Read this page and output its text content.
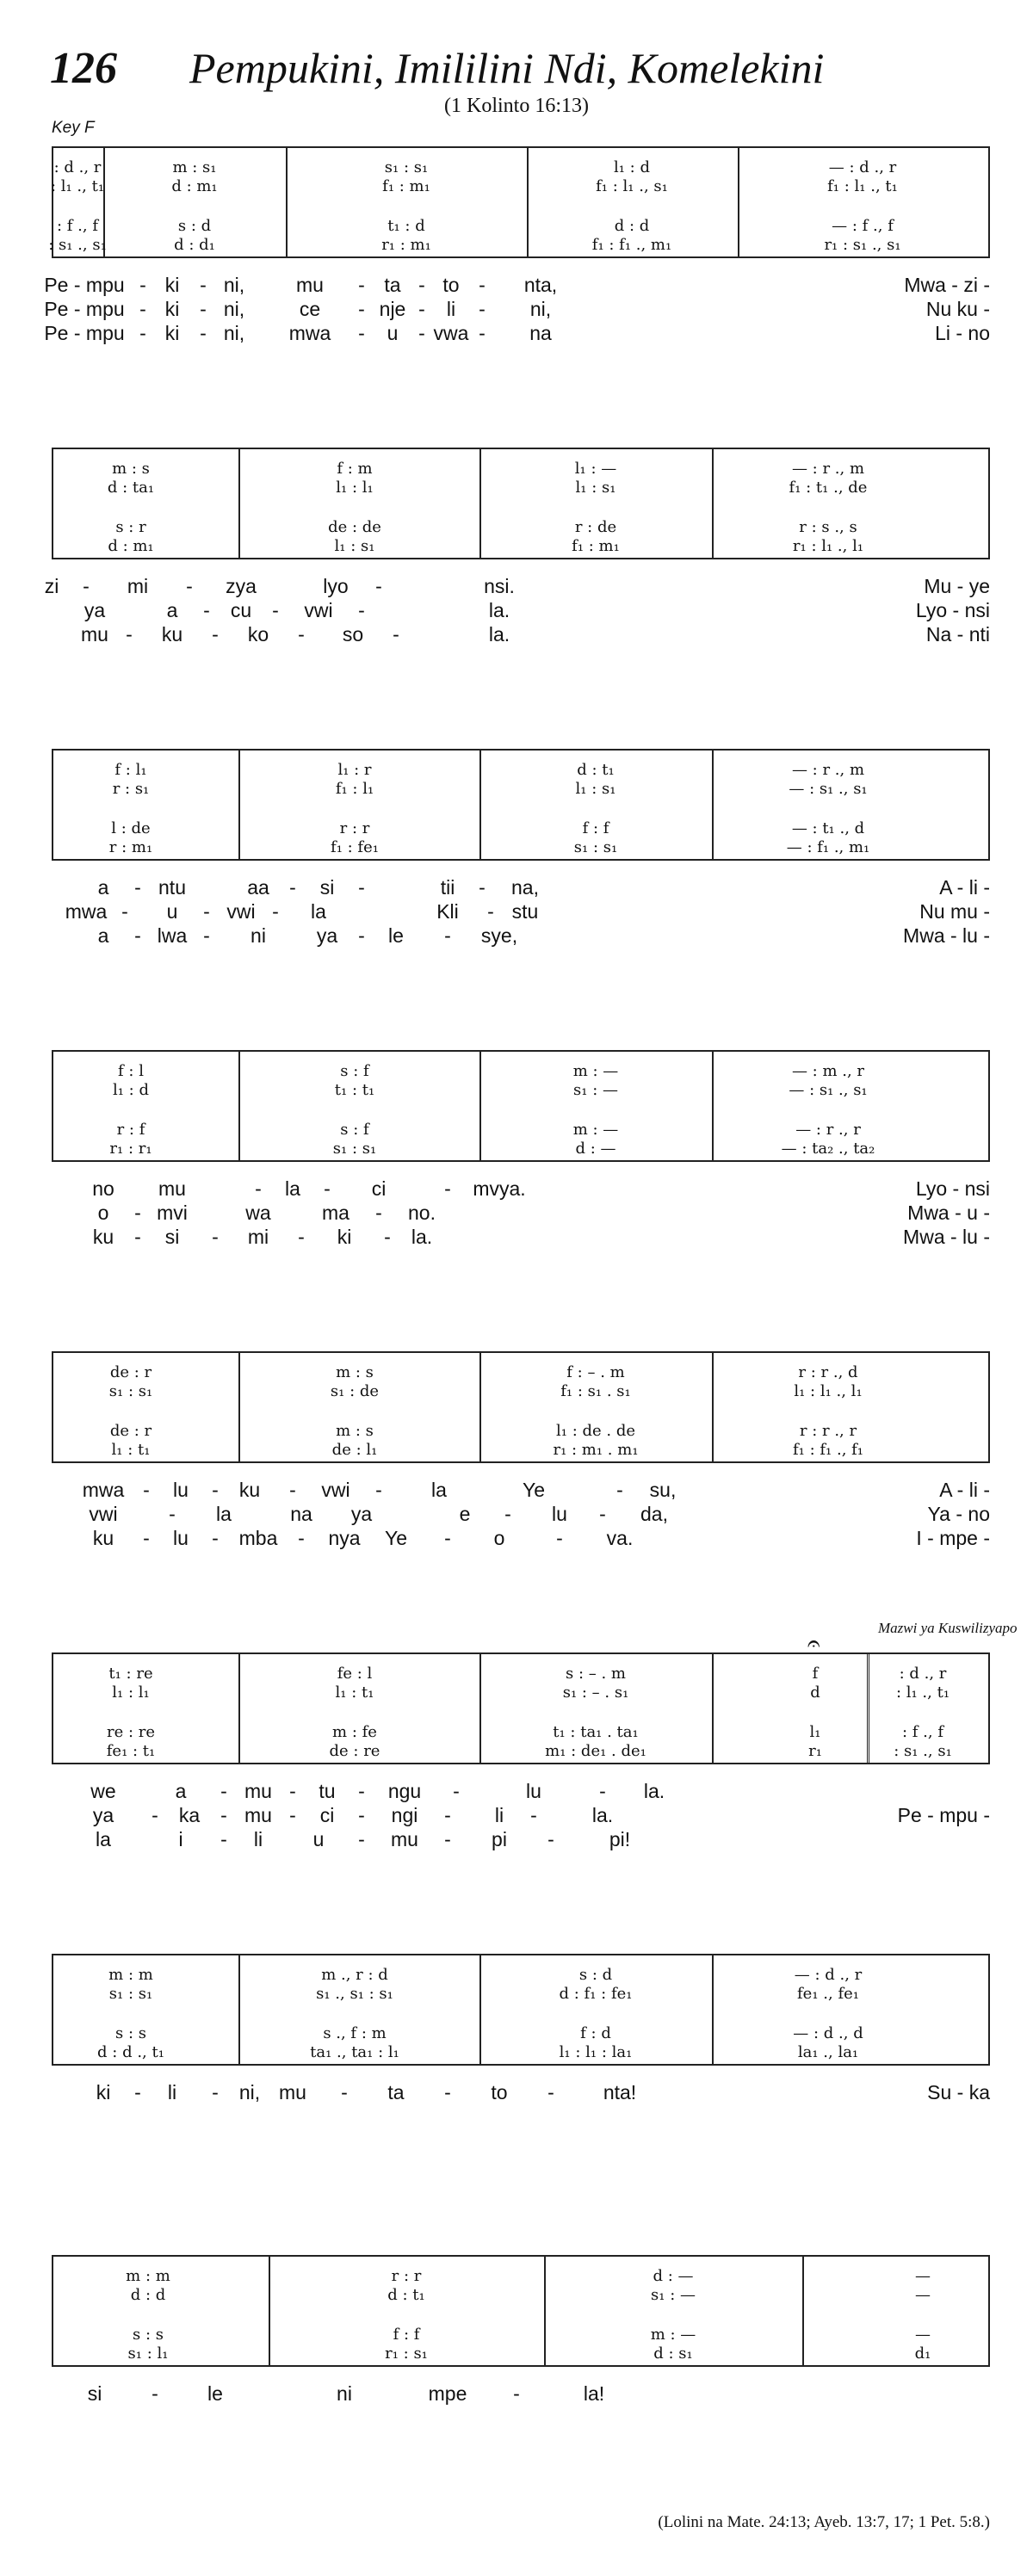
126 Pempukini, Imililini Ndi, Komelekini
(1 Kolinto 16:13)
Key F
: d ., r	m : s₁	s₁ : s₁	l₁ : d	— : d ., r
: l₁ ., t₁	d : m₁	f₁ : m₁	f₁ : l₁ ., s₁	f₁ : l₁ ., t₁
: f ., f	s : d	t₁ : d	d : d	— : f ., f
: s₁ ., s₁	d : d₁	r₁ : m₁	f₁ : f₁ ., m₁	r₁ : s₁ ., s₁
Pe - mpu - ki - ni,	mu - ta - to - nta,	Mwa - zi -
Pe - mpu - ki - ni,	ce - nje - li - ni,	Nu ku -
Pe - mpu - ki - ni, mwa - u - vwa - na	Li - no
m : s	f : m	l₁ : —	— : r ., m
d : ta₁	l₁ : l₁	l₁ : s₁	f₁ : t₁ ., de
s : r	de : de	r : de	r : s ., s
d : m₁	l₁ : s₁	f₁ : m₁	r₁ : l₁ ., l₁
zi - mi - zya	lyo -	nsi.	Mu - ye
ya	a - cu - vwi -	la.	Lyo - nsi
mu - ku - ko - so -	la.	Na - nti
f : l₁	l₁ : r	d : t₁	— : r ., m
r : s₁	f₁ : l₁	l₁ : s₁	— : s₁ ., s₁
l : de	r : r	f : f	— : t₁ ., d
r : m₁	f₁ : fe₁	s₁ : s₁	— : f₁ ., m₁
a - ntu	aa - si -	tii - na,	A - li -
mwa - u - vwi - la	Kli - stu	Nu mu -
a - lwa - ni	ya - le - sye,	Mwa - lu -
f : l	s : f	m : —	— : m ., r
l₁ : d	t₁ : t₁	s₁ : —	— : s₁ ., s₁
r : f	s : f	m : —	— : r ., r
r₁ : r₁	s₁ : s₁	d : —	— : ta₂ ., ta₂
no mu	- la - ci	- mvya.	Lyo - nsi
o - mvi	wa	ma - no.	Mwa - u -
ku - si - mi - ki - la.	Mwa - lu -
de : r	m : s	f : – . m	r : r ., d
s₁ : s₁	s₁ : de	f₁ : s₁ . s₁	l₁ : l₁ ., l₁
de : r	m : s	l₁ : de . de	r : r ., r
l₁ : t₁	de : l₁	r₁ : m₁ . m₁	f₁ : f₁ ., f₁
mwa - lu - ku - vwi - la	Ye	- su,	A - li -
vwi	- la	na ya	e - lu - da,	Ya - no
ku - lu - mba - nya Ye - o	- va.	I - mpe -
t₁ : re	fe : l	s : – . m	f	: d ., r
l₁ : l₁	l₁ : t₁	s₁ : – . s₁	d	: l₁ ., t₁
re : re	m : fe	t₁ : ta₁ . ta₁	l₁	: f ., f
fe₁ : t₁	de : re	m₁ : de₁ . de₁	r₁	: s₁ ., s₁
we	a - mu - tu - ngu -	lu	- la.
ya - ka - mu - ci - ngi - li -	la.	Pe - mpu -
la	i - li	u - mu - pi -	pi!
m : m	m ., r : d	s : d	— : d ., r
s₁ : s₁	s₁ ., s₁ : s₁	d : f₁ : fe₁	fe₁ ., fe₁
s : s	s ., f : m	f : d	— : d ., d
d : d ., t₁	ta₁ ., ta₁ : l₁	l₁ : l₁ : la₁	la₁ ., la₁
ki - li - ni, mu - ta - to - nta!	Su - ka
m : m	r : r	d : —	—
d : d	d : t₁	s₁ : —	—
s : s	f : f	m : —	—
s₁ : l₁	r₁ : s₁	d : s₁	d₁
si	- le	ni	mpe -	la!
Mazwi ya Kuswilizyapo
𝄐
(Lolini na Mate. 24:13; Ayeb. 13:7, 17; 1 Pet. 5:8.)
